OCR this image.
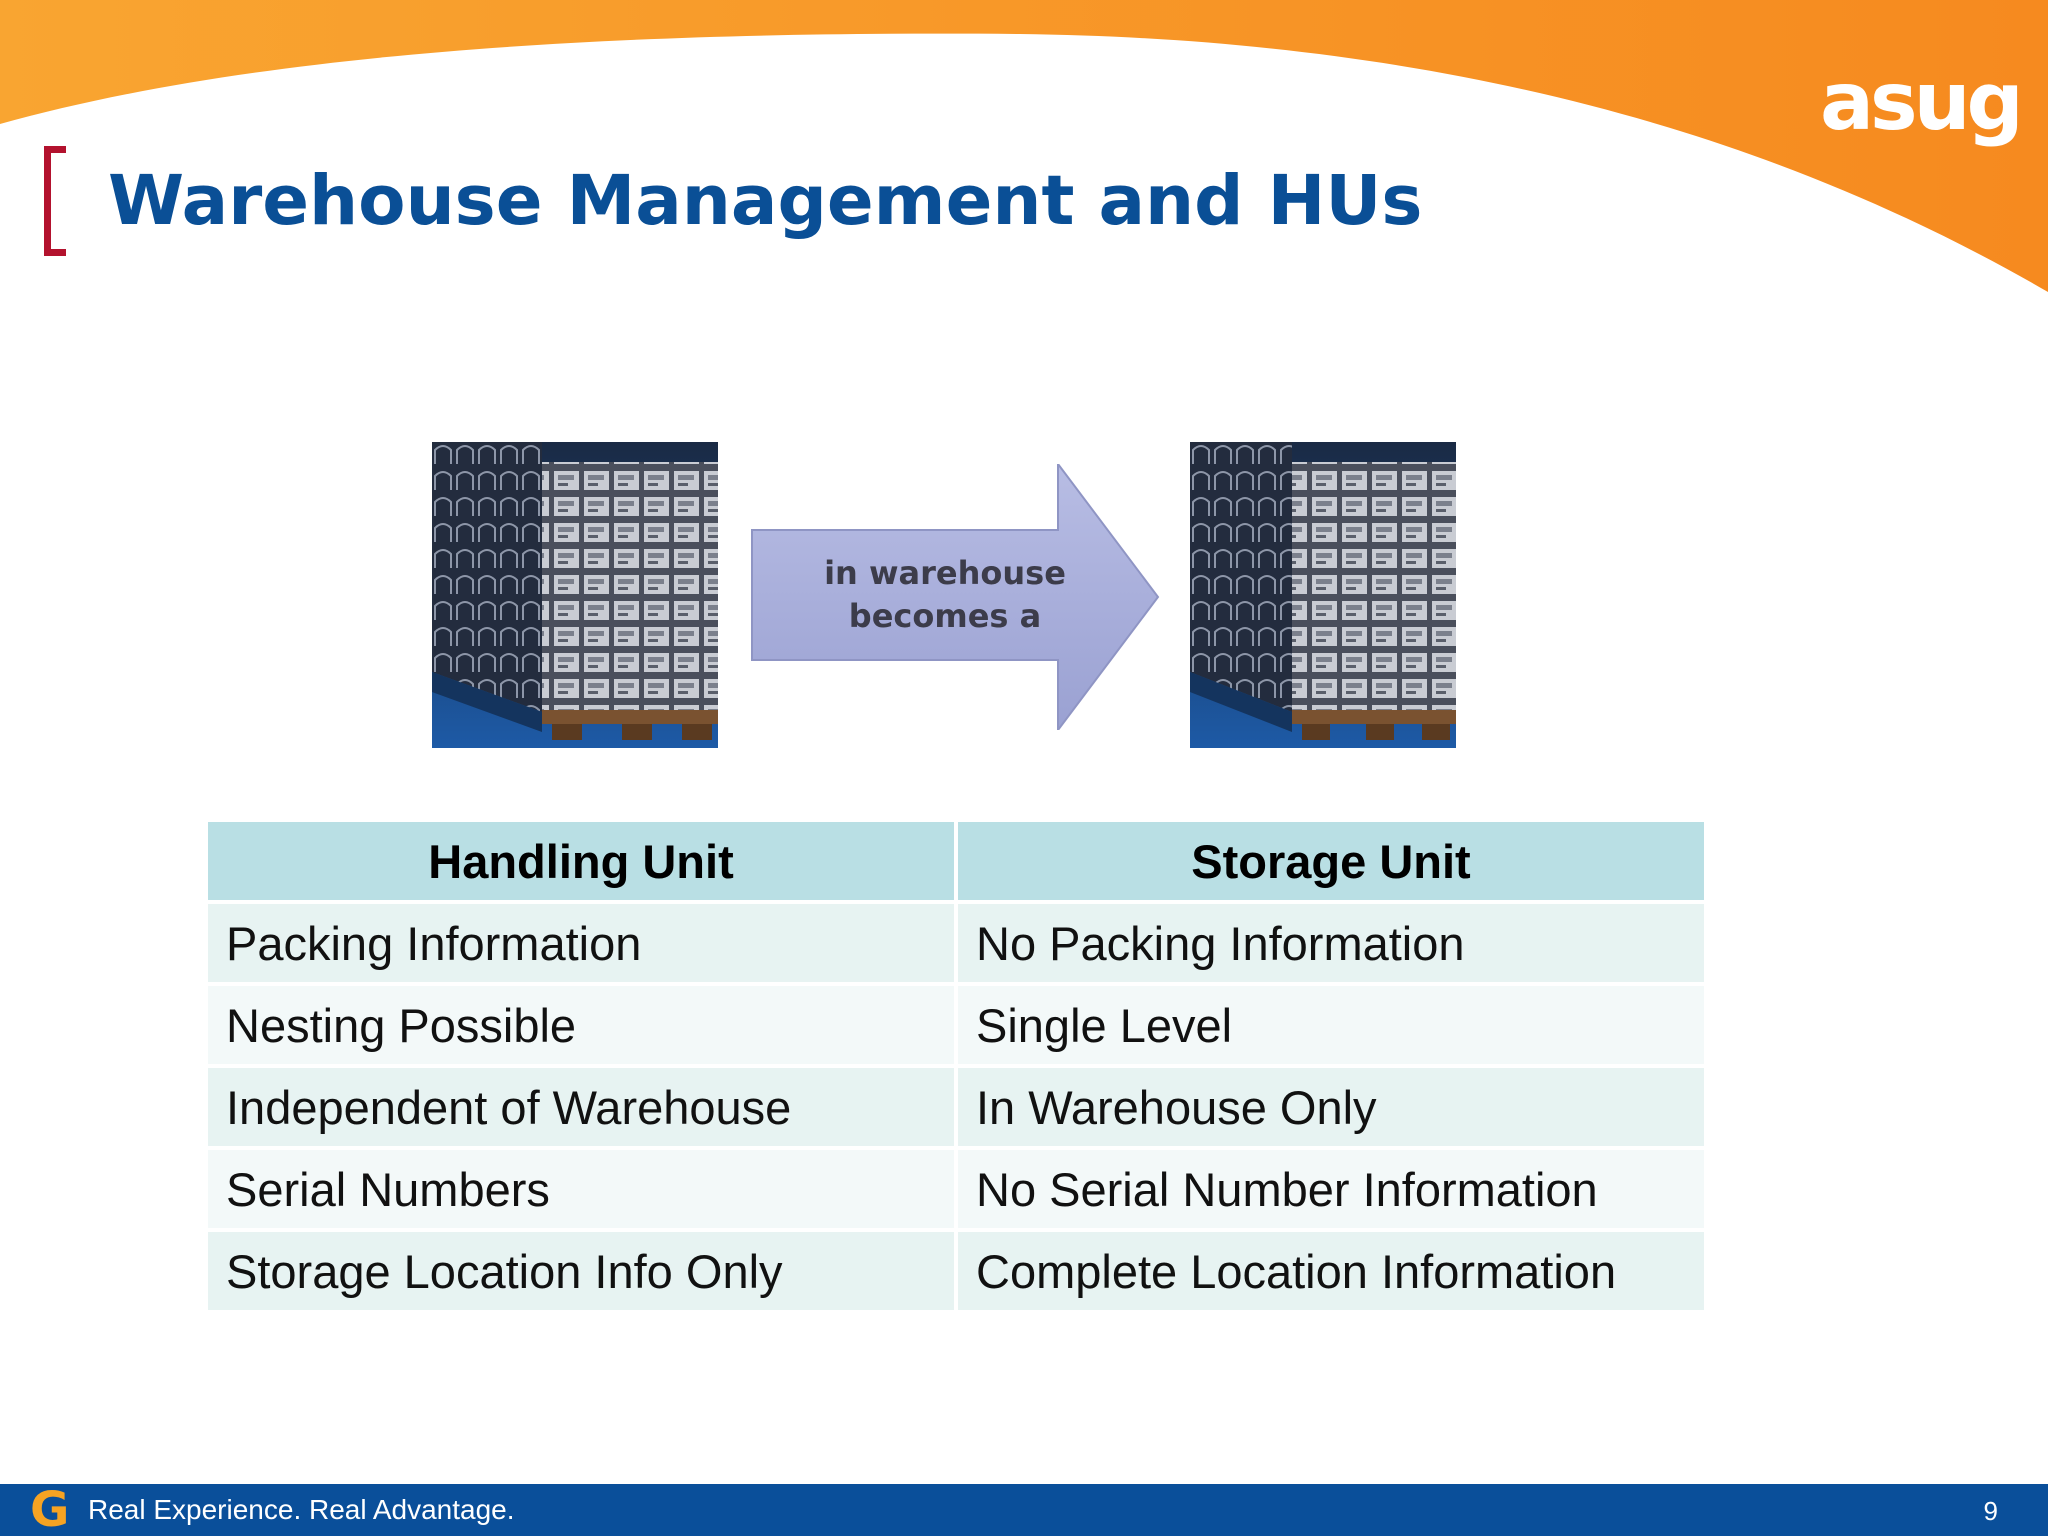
asug
Warehouse Management and HUs
in warehouse
becomes a
Handling Unit	Storage Unit
Packing Information	No Packing Information
Nesting Possible	Single Level
Independent of Warehouse	In Warehouse Only
Serial Numbers	No Serial Number Information
Storage Location Info Only	Complete Location Information
G Real Experience. Real Advantage.	9
